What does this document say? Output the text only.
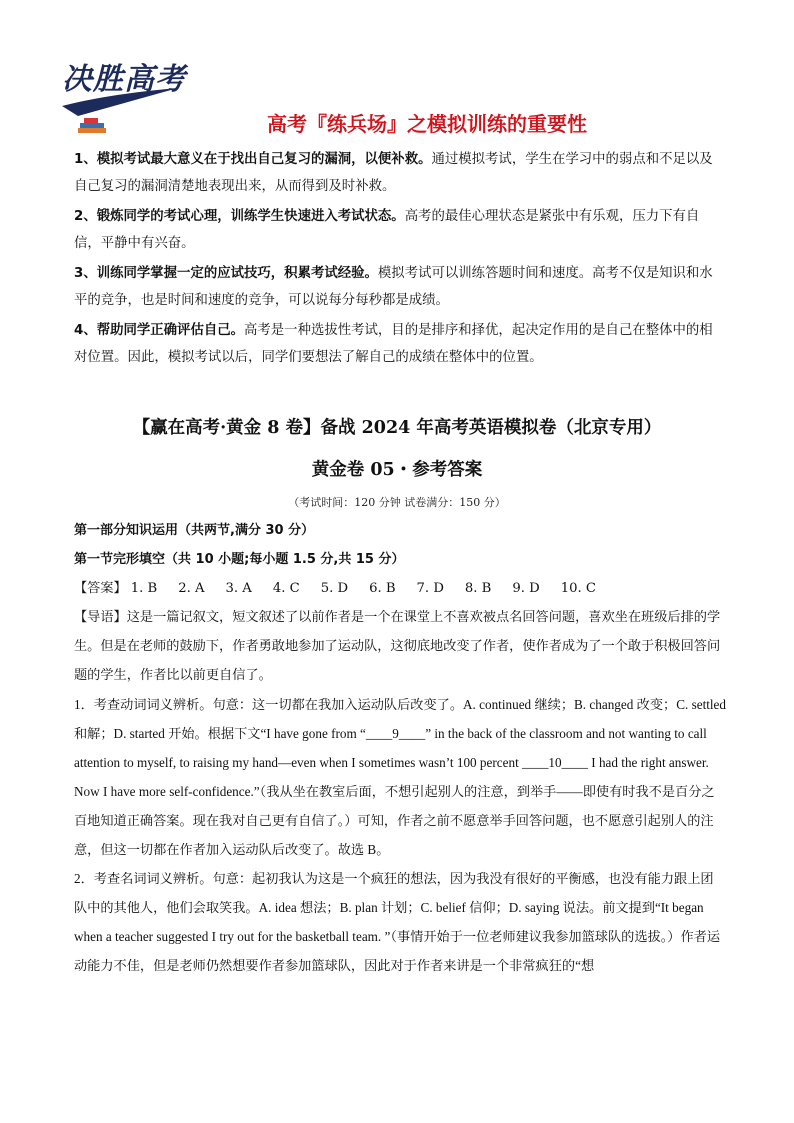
决胜高考
高考『练兵场』之模拟训练的重要性

1、模拟考试最大意义在于找出自己复习的漏洞，以便补救。通过模拟考试，学生在学习中的弱点和不足以及自己复习的漏洞清楚地表现出来，从而得到及时补救。

2、锻炼同学的考试心理，训练学生快速进入考试状态。高考的最佳心理状态是紧张中有乐观，压力下有自信，平静中有兴奋。

3、训练同学掌握一定的应试技巧，积累考试经验。模拟考试可以训练答题时间和速度。高考不仅是知识和水平的竞争，也是时间和速度的竞争，可以说每分每秒都是成绩。

4、帮助同学正确评估自己。高考是一种选拔性考试，目的是排序和择优，起决定作用的是自己在整体中的相对位置。因此，模拟考试以后，同学们要想法了解自己的成绩在整体中的位置。

【赢在高考·黄金 8 卷】备战 2024 年高考英语模拟卷（北京专用）
黄金卷 05・参考答案
（考试时间：120 分钟 试卷满分：150 分）

第一部分知识运用（共两节,满分 30 分）

第一节完形填空（共 10 小题;每小题 1.5 分,共 15 分）

【答案】 1. B 2. A 3. A 4. C 5. D 6. B 7. D 8. B 9. D 10. C

【导语】这是一篇记叙文，短文叙述了以前作者是一个在课堂上不喜欢被点名回答问题，喜欢坐在班级后排的学生。但是在老师的鼓励下，作者勇敢地参加了运动队，这彻底地改变了作者，使作者成为了一个敢于积极回答问题的学生，作者比以前更自信了。

1．考查动词词义辨析。句意：这一切都在我加入运动队后改变了。A. continued 继续；B. changed 改变；C. settled 和解；D. started 开始。根据下文“I have gone from “____9____” in the back of the classroom and not wanting to call attention to myself, to raising my hand—even when I sometimes wasn’t 100 percent ____10____ I had the right answer. Now I have more self-confidence.”（我从坐在教室后面，不想引起别人的注意，到举手——即使有时我不是百分之百地知道正确答案。现在我对自己更有自信了。）可知，作者之前不愿意举手回答问题，也不愿意引起别人的注意，但这一切都在作者加入运动队后改变了。故选 B。

2．考查名词词义辨析。句意：起初我认为这是一个疯狂的想法，因为我没有很好的平衡感，也没有能力跟上团队中的其他人，他们会取笑我。A. idea 想法；B. plan 计划；C. belief 信仰；D. saying 说法。前文提到“It began when a teacher suggested I try out for the basketball team. ”（事情开始于一位老师建议我参加篮球队的选拔。）作者运动能力不佳，但是老师仍然想要作者参加篮球队，因此对于作者来讲是一个非常疯狂的“想
